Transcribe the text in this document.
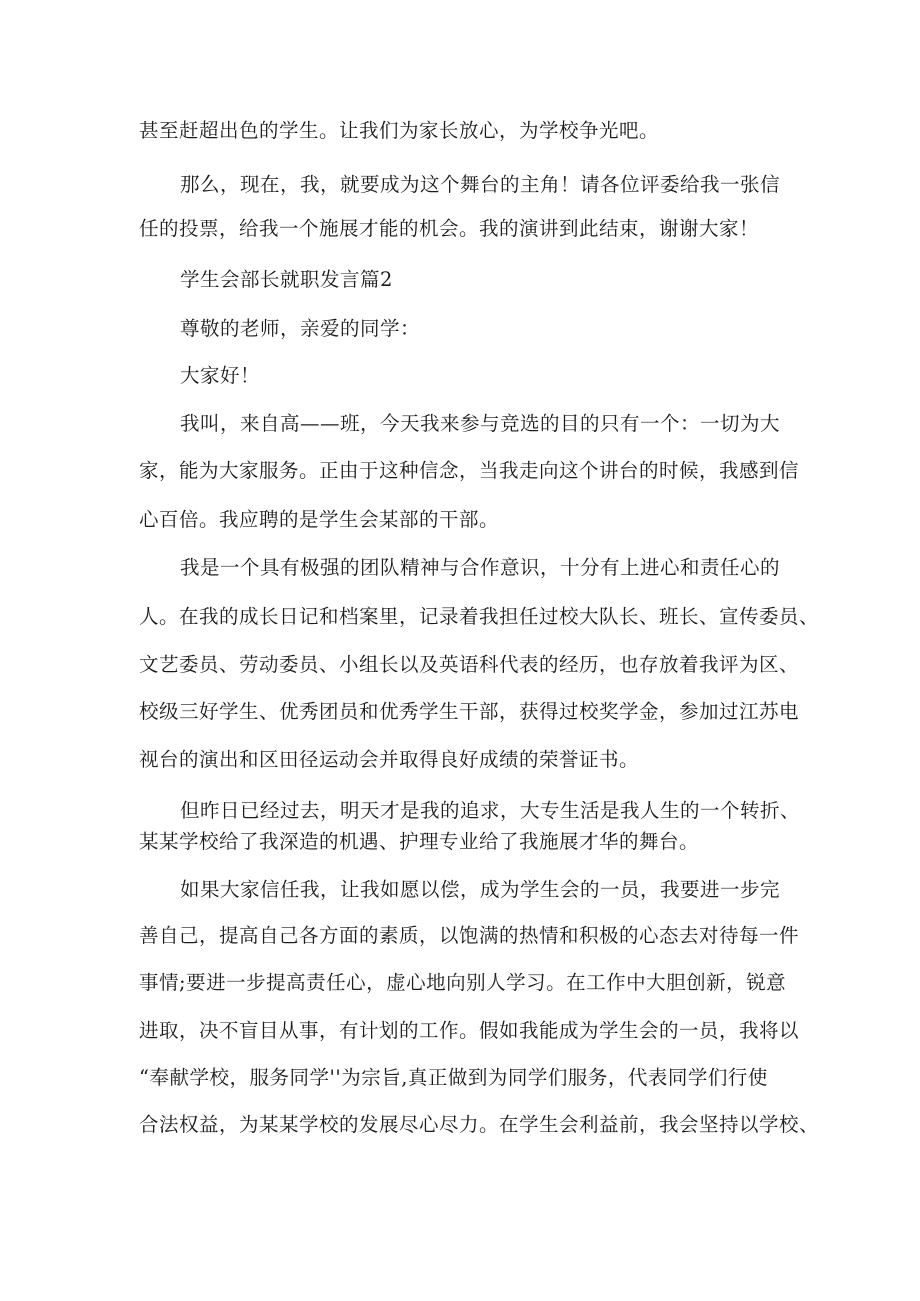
甚至赶超出色的学生。让我们为家长放心，为学校争光吧。
那么，现在，我，就要成为这个舞台的主角！请各位评委给我一张信
任的投票，给我一个施展才能的机会。我的演讲到此结束，谢谢大家！
学生会部长就职发言篇2
尊敬的老师，亲爱的同学：
大家好！
我叫，来自高——班，今天我来参与竞选的目的只有一个：一切为大
家，能为大家服务。正由于这种信念，当我走向这个讲台的时候，我感到信
心百倍。我应聘的是学生会某部的干部。
我是一个具有极强的团队精神与合作意识，十分有上进心和责任心的
人。在我的成长日记和档案里，记录着我担任过校大队长、班长、宣传委员、
文艺委员、劳动委员、小组长以及英语科代表的经历，也存放着我评为区、
校级三好学生、优秀团员和优秀学生干部，获得过校奖学金，参加过江苏电
视台的演出和区田径运动会并取得良好成绩的荣誉证书。
但昨日已经过去，明天才是我的追求，大专生活是我人生的一个转折、
某某学校给了我深造的机遇、护理专业给了我施展才华的舞台。
如果大家信任我，让我如愿以偿，成为学生会的一员，我要进一步完
善自己，提高自己各方面的素质，以饱满的热情和积极的心态去对待每一件
事情;要进一步提高责任心，虚心地向别人学习。在工作中大胆创新，锐意
进取，决不盲目从事，有计划的工作。假如我能成为学生会的一员，我将以
“奉献学校，服务同学''为宗旨,真正做到为同学们服务，代表同学们行使
合法权益，为某某学校的发展尽心尽力。在学生会利益前，我会坚持以学校、
